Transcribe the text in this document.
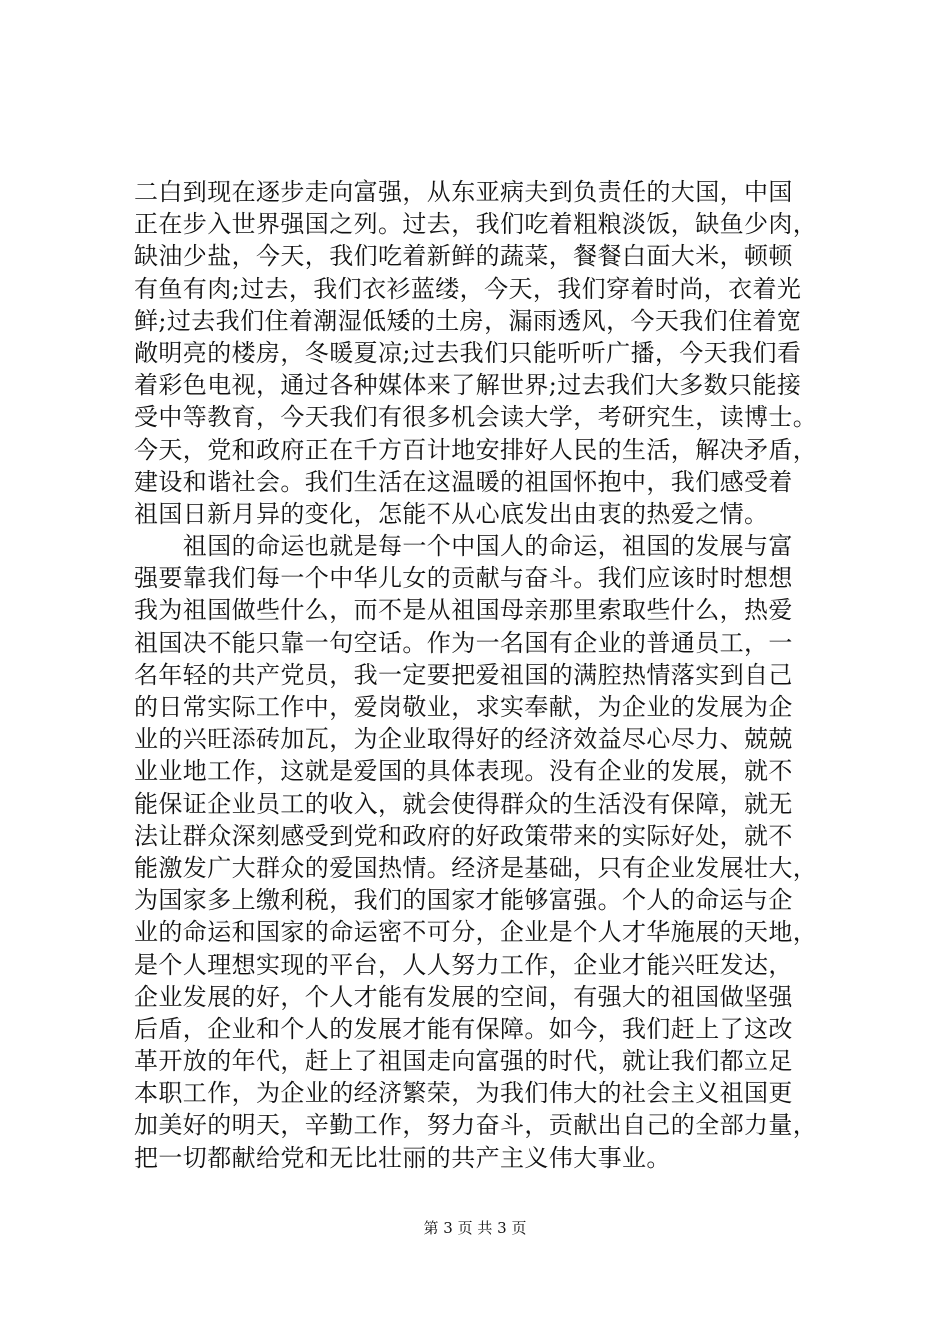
二白到现在逐步走向富强，从东亚病夫到负责任的大国，中国
正在步入世界强国之列。过去，我们吃着粗粮淡饭，缺鱼少肉，
缺油少盐，今天，我们吃着新鲜的蔬菜，餐餐白面大米，顿顿
有鱼有肉;过去，我们衣衫蓝缕，今天，我们穿着时尚，衣着光
鲜;过去我们住着潮湿低矮的土房，漏雨透风，今天我们住着宽
敞明亮的楼房，冬暖夏凉;过去我们只能听听广播，今天我们看
着彩色电视，通过各种媒体来了解世界;过去我们大多数只能接
受中等教育，今天我们有很多机会读大学，考研究生，读博士。
今天，党和政府正在千方百计地安排好人民的生活，解决矛盾，
建设和谐社会。我们生活在这温暖的祖国怀抱中，我们感受着
祖国日新月异的变化，怎能不从心底发出由衷的热爱之情。
　　祖国的命运也就是每一个中国人的命运，祖国的发展与富
强要靠我们每一个中华儿女的贡献与奋斗。我们应该时时想想
我为祖国做些什么，而不是从祖国母亲那里索取些什么，热爱
祖国决不能只靠一句空话。作为一名国有企业的普通员工，一
名年轻的共产党员，我一定要把爱祖国的满腔热情落实到自己
的日常实际工作中，爱岗敬业，求实奉献，为企业的发展为企
业的兴旺添砖加瓦，为企业取得好的经济效益尽心尽力、兢兢
业业地工作，这就是爱国的具体表现。没有企业的发展，就不
能保证企业员工的收入，就会使得群众的生活没有保障，就无
法让群众深刻感受到党和政府的好政策带来的实际好处，就不
能激发广大群众的爱国热情。经济是基础，只有企业发展壮大，
为国家多上缴利税，我们的国家才能够富强。个人的命运与企
业的命运和国家的命运密不可分，企业是个人才华施展的天地，
是个人理想实现的平台，人人努力工作，企业才能兴旺发达，
企业发展的好，个人才能有发展的空间，有强大的祖国做坚强
后盾，企业和个人的发展才能有保障。如今，我们赶上了这改
革开放的年代，赶上了祖国走向富强的时代，就让我们都立足
本职工作，为企业的经济繁荣，为我们伟大的社会主义祖国更
加美好的明天，辛勤工作，努力奋斗，贡献出自己的全部力量，
把一切都献给党和无比壮丽的共产主义伟大事业。
第 3 页 共 3 页
